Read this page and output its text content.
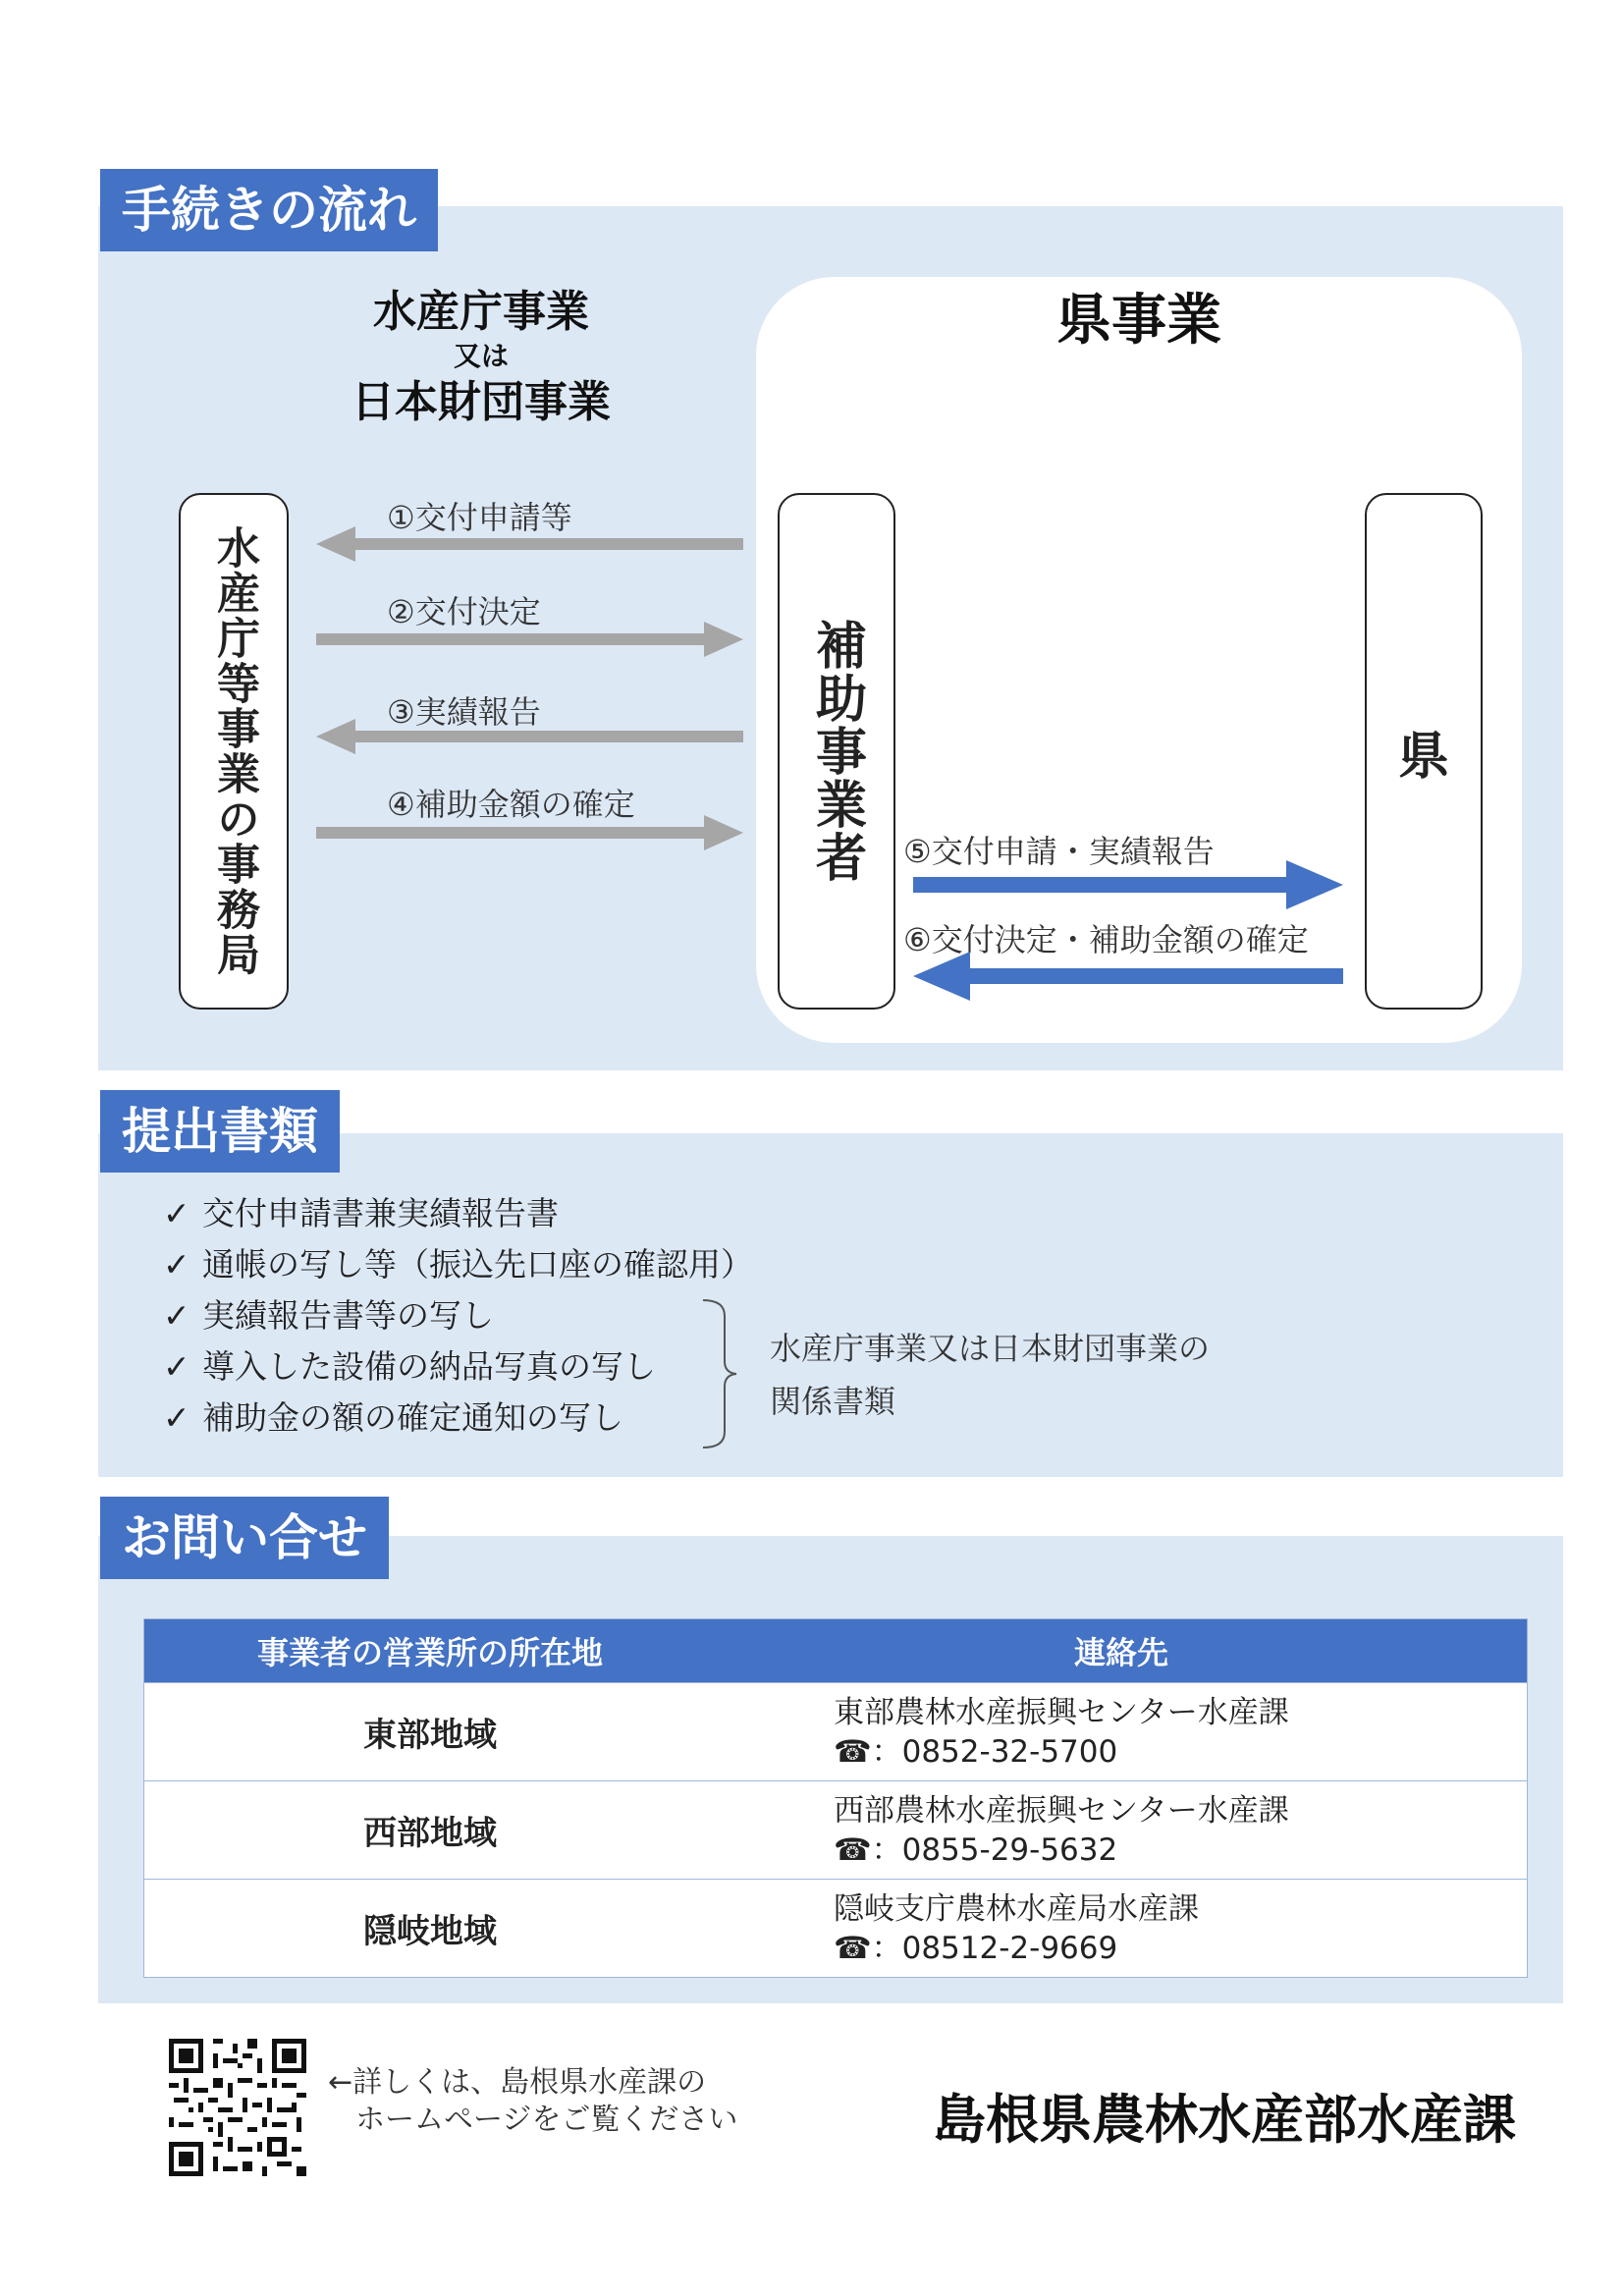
手続きの流れ
水産庁事業
又は
日本財団事業
県事業
水産庁等事業の事務局	補助事業者	県
①交付申請等
②交付決定
③実績報告
④補助金額の確定
⑤交付申請・実績報告
⑥交付決定・補助金額の確定
提出書類
✓ 交付申請書兼実績報告書
✓ 通帳の写し等（振込先口座の確認用）
✓ 実績報告書等の写し
✓ 導入した設備の納品写真の写し
✓ 補助金の額の確定通知の写し
水産庁事業又は日本財団事業の
関係書類
お問い合せ
事業者の営業所の所在地	連絡先
東部地域	東部農林水産振興センター水産課
☎：0852-32-5700

西部地域	西部農林水産振興センター水産課
☎：0855-29-5632

隠岐地域	隠岐支庁農林水産局水産課
☎：08512-2-9669
←詳しくは、島根県水産課の
ホームページをご覧ください	島根県農林水産部水産課
